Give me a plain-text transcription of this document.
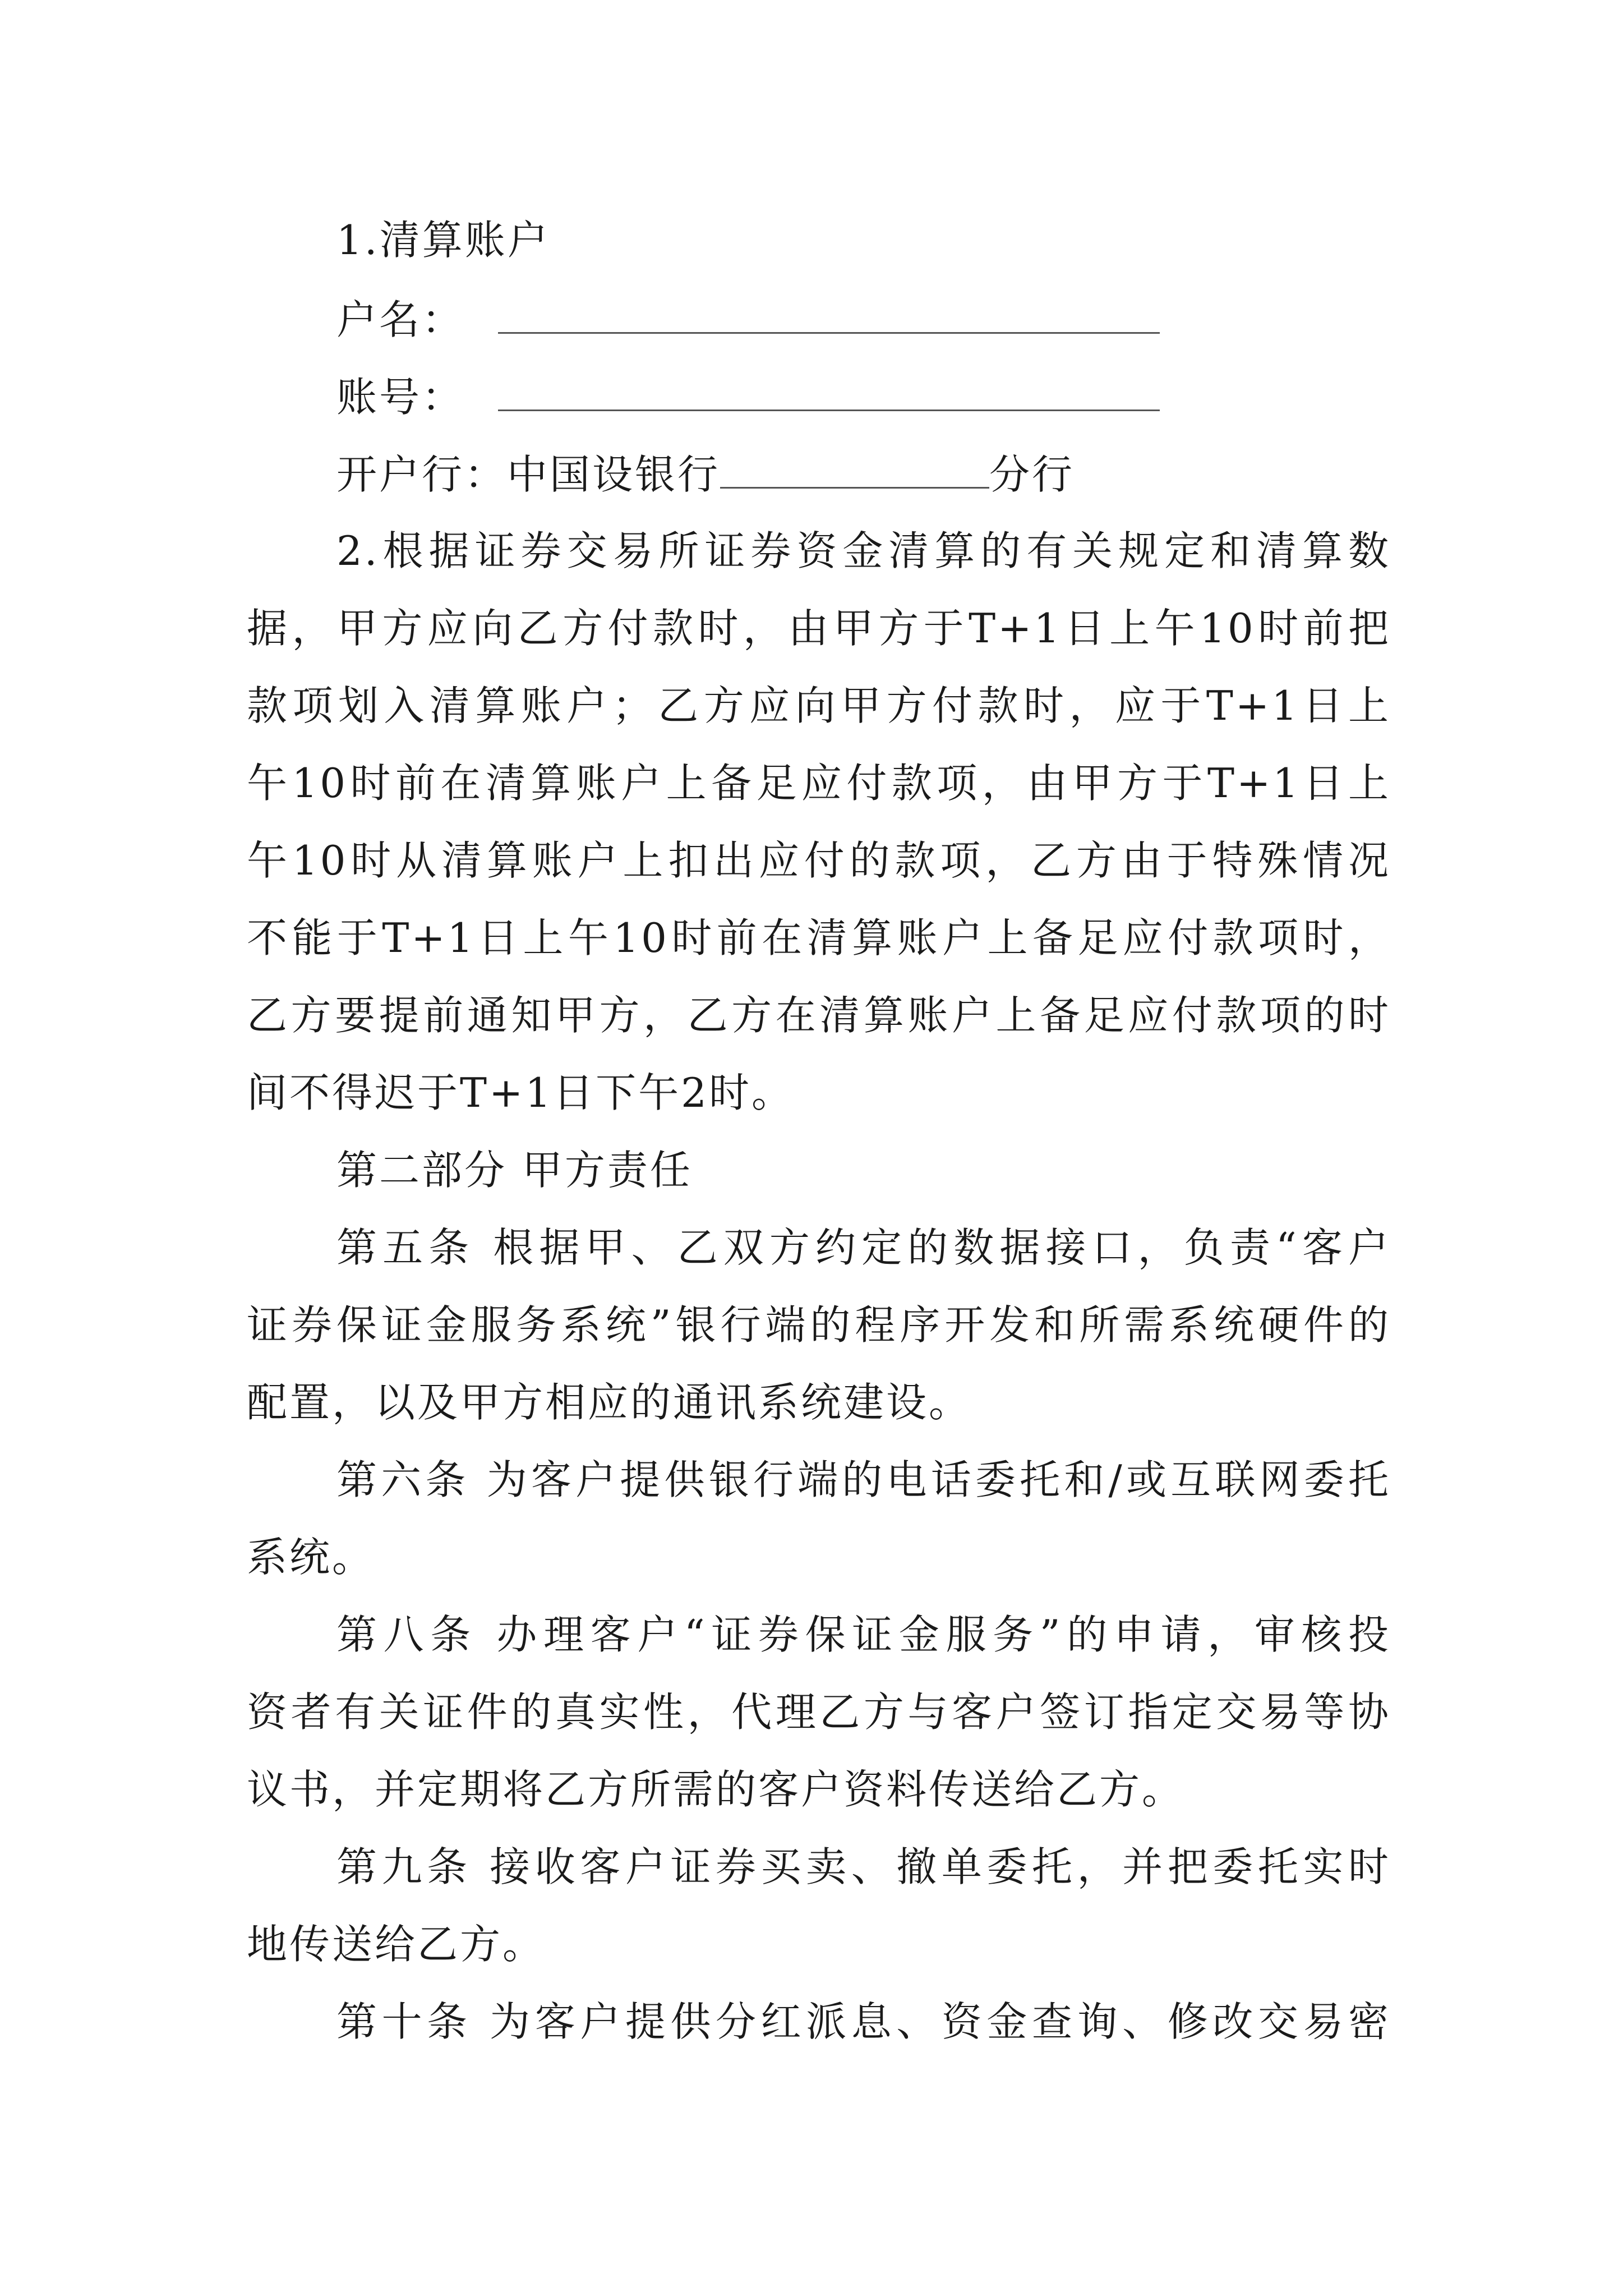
1.清算账户
户名：
账号：
开户行：中国设银行	分行
2.根据证券交易所证券资金清算的有关规定和清算数
据，甲方应向乙方付款时，由甲方于T+1日上午10时前把
款项划入清算账户；乙方应向甲方付款时，应于T+1日上
午10时前在清算账户上备足应付款项，由甲方于T+1日上
午10时从清算账户上扣出应付的款项，乙方由于特殊情况
不能于T+1日上午10时前在清算账户上备足应付款项时，
乙方要提前通知甲方，乙方在清算账户上备足应付款项的时
间不得迟于T+1日下午2时。
第二部分 甲方责任
第五条 根据甲、乙双方约定的数据接口，负责“客户
证券保证金服务系统”银行端的程序开发和所需系统硬件的
配置，以及甲方相应的通讯系统建设。
第六条 为客户提供银行端的电话委托和/或互联网委托
系统。
第八条 办理客户“证券保证金服务”的申请，审核投
资者有关证件的真实性，代理乙方与客户签订指定交易等协
议书，并定期将乙方所需的客户资料传送给乙方。
第九条 接收客户证券买卖、撤单委托，并把委托实时
地传送给乙方。
第十条 为客户提供分红派息、资金查询、修改交易密
